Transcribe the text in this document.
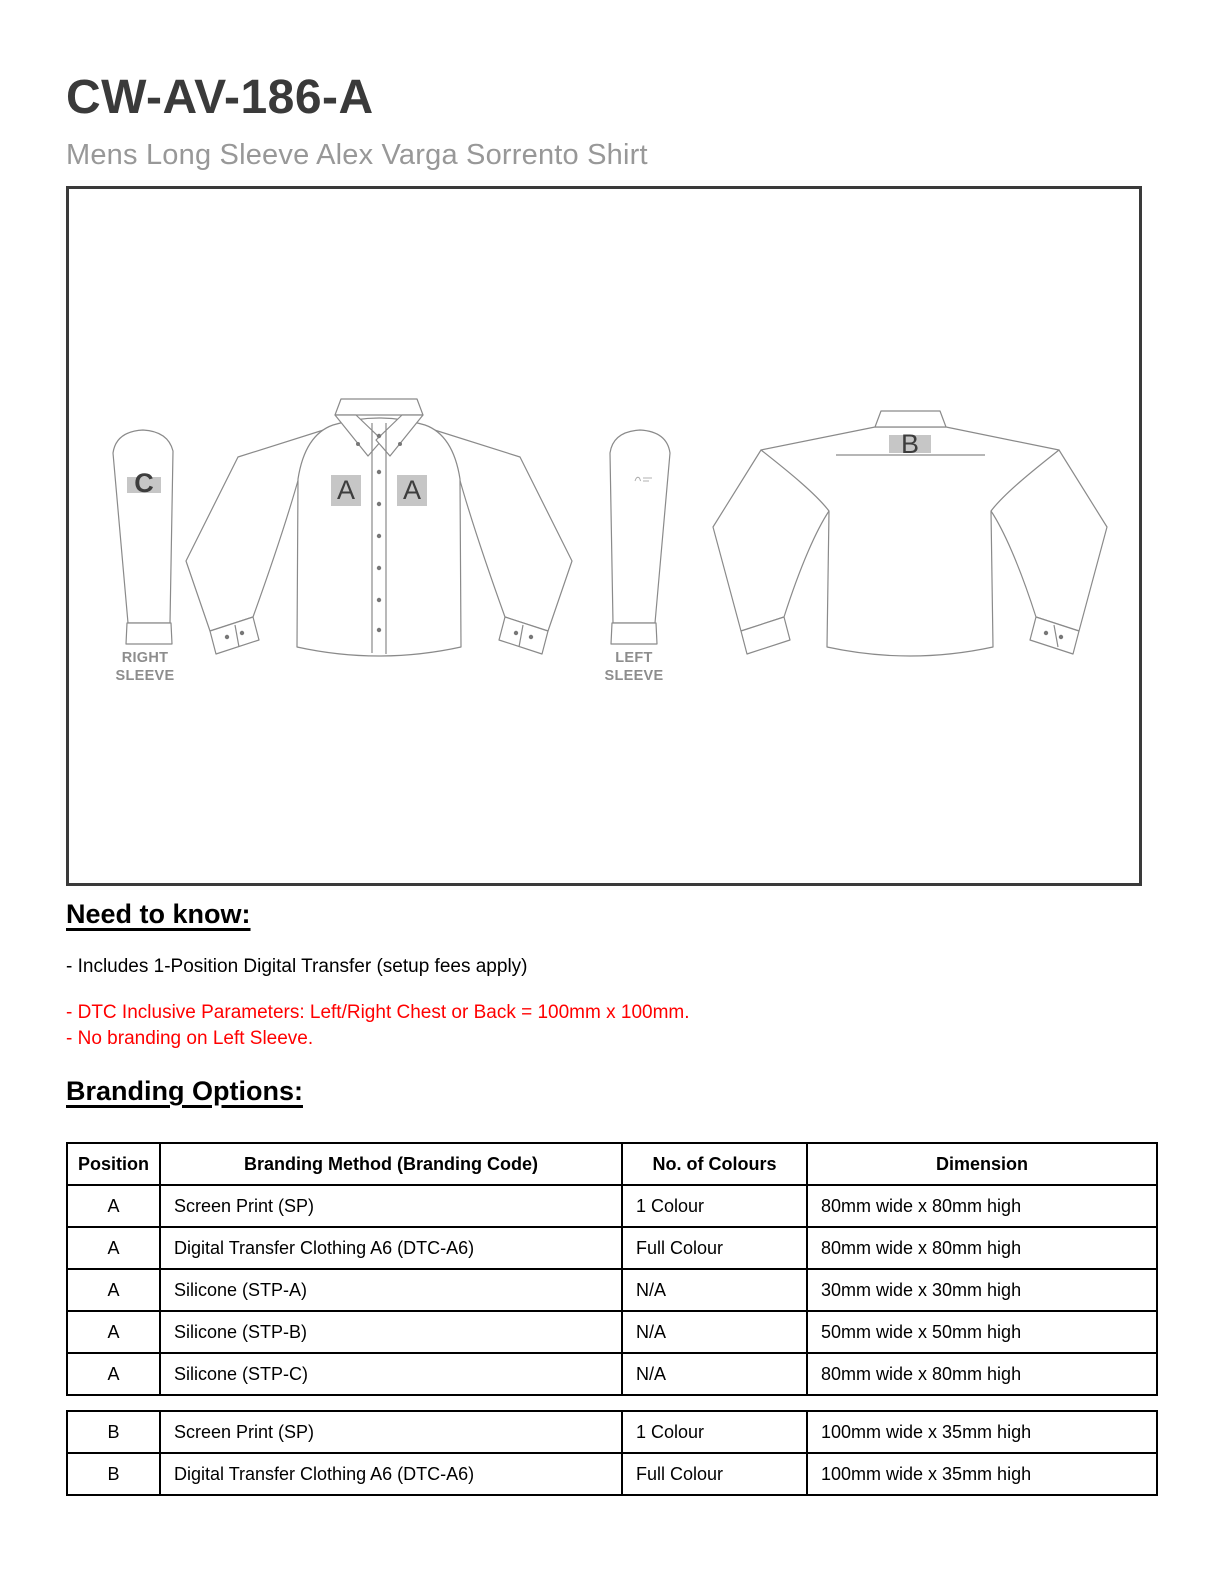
CW-AV-186-A
Mens Long Sleeve Alex Varga Sorrento Shirt
C
RIGHT
SLEEVE
A A
LEFT
SLEEVE
B
Need to know:
- Includes 1-Position Digital Transfer (setup fees apply)
- DTC Inclusive Parameters: Left/Right Chest or Back = 100mm x 100mm.
- No branding on Left Sleeve.
Branding Options:
Position	Branding Method (Branding Code)	No. of Colours	Dimension
A	Screen Print (SP)	1 Colour	80mm wide x 80mm high
A	Digital Transfer Clothing A6 (DTC-A6)	Full Colour	80mm wide x 80mm high
A	Silicone (STP-A)	N/A	30mm wide x 30mm high
A	Silicone (STP-B)	N/A	50mm wide x 50mm high
A	Silicone (STP-C)	N/A	80mm wide x 80mm high
B	Screen Print (SP)	1 Colour	100mm wide x 35mm high
B	Digital Transfer Clothing A6 (DTC-A6)	Full Colour	100mm wide x 35mm high
